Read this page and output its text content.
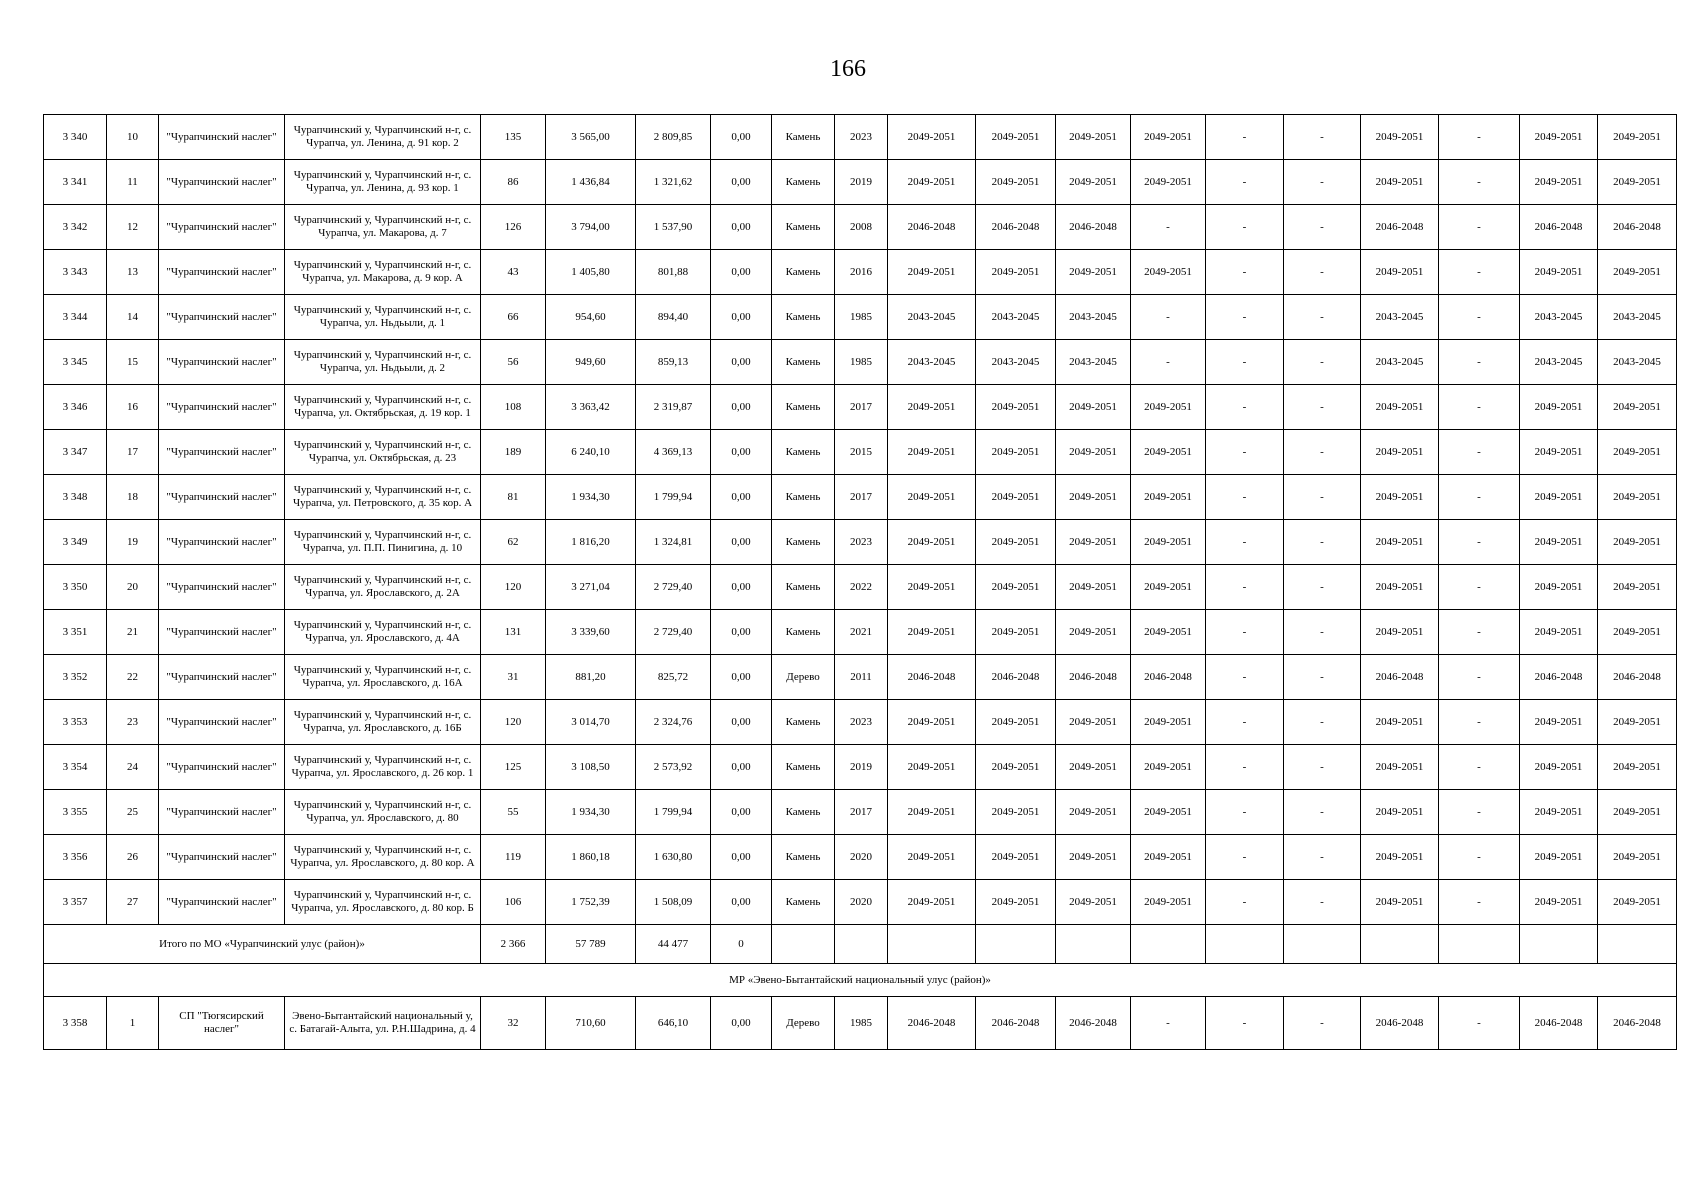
166
3 340	10	"Чурапчинский наслег"	Чурапчинский у, Чурапчинский н-г, с. Чурапча, ул. Ленина, д. 91 кор. 2	135	3 565,00	2 809,85	0,00	Камень	2023	2049-2051	2049-2051	2049-2051	2049-2051	-	-	2049-2051	-	2049-2051	2049-2051
3 341	11	"Чурапчинский наслег"	Чурапчинский у, Чурапчинский н-г, с. Чурапча, ул. Ленина, д. 93 кор. 1	86	1 436,84	1 321,62	0,00	Камень	2019	2049-2051	2049-2051	2049-2051	2049-2051	-	-	2049-2051	-	2049-2051	2049-2051
3 342	12	"Чурапчинский наслег"	Чурапчинский у, Чурапчинский н-г, с. Чурапча, ул. Макарова, д. 7	126	3 794,00	1 537,90	0,00	Камень	2008	2046-2048	2046-2048	2046-2048	-	-	-	2046-2048	-	2046-2048	2046-2048
3 343	13	"Чурапчинский наслег"	Чурапчинский у, Чурапчинский н-г, с. Чурапча, ул. Макарова, д. 9 кор. А	43	1 405,80	801,88	0,00	Камень	2016	2049-2051	2049-2051	2049-2051	2049-2051	-	-	2049-2051	-	2049-2051	2049-2051
3 344	14	"Чурапчинский наслег"	Чурапчинский у, Чурапчинский н-г, с. Чурапча, ул. Ньдьыли, д. 1	66	954,60	894,40	0,00	Камень	1985	2043-2045	2043-2045	2043-2045	-	-	-	2043-2045	-	2043-2045	2043-2045
3 345	15	"Чурапчинский наслег"	Чурапчинский у, Чурапчинский н-г, с. Чурапча, ул. Ньдьыли, д. 2	56	949,60	859,13	0,00	Камень	1985	2043-2045	2043-2045	2043-2045	-	-	-	2043-2045	-	2043-2045	2043-2045
3 346	16	"Чурапчинский наслег"	Чурапчинский у, Чурапчинский н-г, с. Чурапча, ул. Октябрьская, д. 19 кор. 1	108	3 363,42	2 319,87	0,00	Камень	2017	2049-2051	2049-2051	2049-2051	2049-2051	-	-	2049-2051	-	2049-2051	2049-2051
3 347	17	"Чурапчинский наслег"	Чурапчинский у, Чурапчинский н-г, с. Чурапча, ул. Октябрьская, д. 23	189	6 240,10	4 369,13	0,00	Камень	2015	2049-2051	2049-2051	2049-2051	2049-2051	-	-	2049-2051	-	2049-2051	2049-2051
3 348	18	"Чурапчинский наслег"	Чурапчинский у, Чурапчинский н-г, с. Чурапча, ул. Петровского, д. 35 кор. А	81	1 934,30	1 799,94	0,00	Камень	2017	2049-2051	2049-2051	2049-2051	2049-2051	-	-	2049-2051	-	2049-2051	2049-2051
3 349	19	"Чурапчинский наслег"	Чурапчинский у, Чурапчинский н-г, с. Чурапча, ул. П.П. Пинигина, д. 10	62	1 816,20	1 324,81	0,00	Камень	2023	2049-2051	2049-2051	2049-2051	2049-2051	-	-	2049-2051	-	2049-2051	2049-2051
3 350	20	"Чурапчинский наслег"	Чурапчинский у, Чурапчинский н-г, с. Чурапча, ул. Ярославского, д. 2А	120	3 271,04	2 729,40	0,00	Камень	2022	2049-2051	2049-2051	2049-2051	2049-2051	-	-	2049-2051	-	2049-2051	2049-2051
3 351	21	"Чурапчинский наслег"	Чурапчинский у, Чурапчинский н-г, с. Чурапча, ул. Ярославского, д. 4А	131	3 339,60	2 729,40	0,00	Камень	2021	2049-2051	2049-2051	2049-2051	2049-2051	-	-	2049-2051	-	2049-2051	2049-2051
3 352	22	"Чурапчинский наслег"	Чурапчинский у, Чурапчинский н-г, с. Чурапча, ул. Ярославского, д. 16А	31	881,20	825,72	0,00	Дерево	2011	2046-2048	2046-2048	2046-2048	2046-2048	-	-	2046-2048	-	2046-2048	2046-2048
3 353	23	"Чурапчинский наслег"	Чурапчинский у, Чурапчинский н-г, с. Чурапча, ул. Ярославского, д. 16Б	120	3 014,70	2 324,76	0,00	Камень	2023	2049-2051	2049-2051	2049-2051	2049-2051	-	-	2049-2051	-	2049-2051	2049-2051
3 354	24	"Чурапчинский наслег"	Чурапчинский у, Чурапчинский н-г, с. Чурапча, ул. Ярославского, д. 26 кор. 1	125	3 108,50	2 573,92	0,00	Камень	2019	2049-2051	2049-2051	2049-2051	2049-2051	-	-	2049-2051	-	2049-2051	2049-2051
3 355	25	"Чурапчинский наслег"	Чурапчинский у, Чурапчинский н-г, с. Чурапча, ул. Ярославского, д. 80	55	1 934,30	1 799,94	0,00	Камень	2017	2049-2051	2049-2051	2049-2051	2049-2051	-	-	2049-2051	-	2049-2051	2049-2051
3 356	26	"Чурапчинский наслег"	Чурапчинский у, Чурапчинский н-г, с. Чурапча, ул. Ярославского, д. 80 кор. А	119	1 860,18	1 630,80	0,00	Камень	2020	2049-2051	2049-2051	2049-2051	2049-2051	-	-	2049-2051	-	2049-2051	2049-2051
3 357	27	"Чурапчинский наслег"	Чурапчинский у, Чурапчинский н-г, с. Чурапча, ул. Ярославского, д. 80 кор. Б	106	1 752,39	1 508,09	0,00	Камень	2020	2049-2051	2049-2051	2049-2051	2049-2051	-	-	2049-2051	-	2049-2051	2049-2051
Итого по МО «Чурапчинский улус (район)»				2 366	57 789	44 477	0												
МР «Эвено-Бытантайский национальный улус (район)»																			
3 358	1	СП "Тюгясирский наслег"	Эвено-Бытантайский национальный у, с. Батагай-Алыта, ул. Р.Н.Шадрина, д. 4	32	710,60	646,10	0,00	Дерево	1985	2046-2048	2046-2048	2046-2048	-	-	-	2046-2048	-	2046-2048	2046-2048
